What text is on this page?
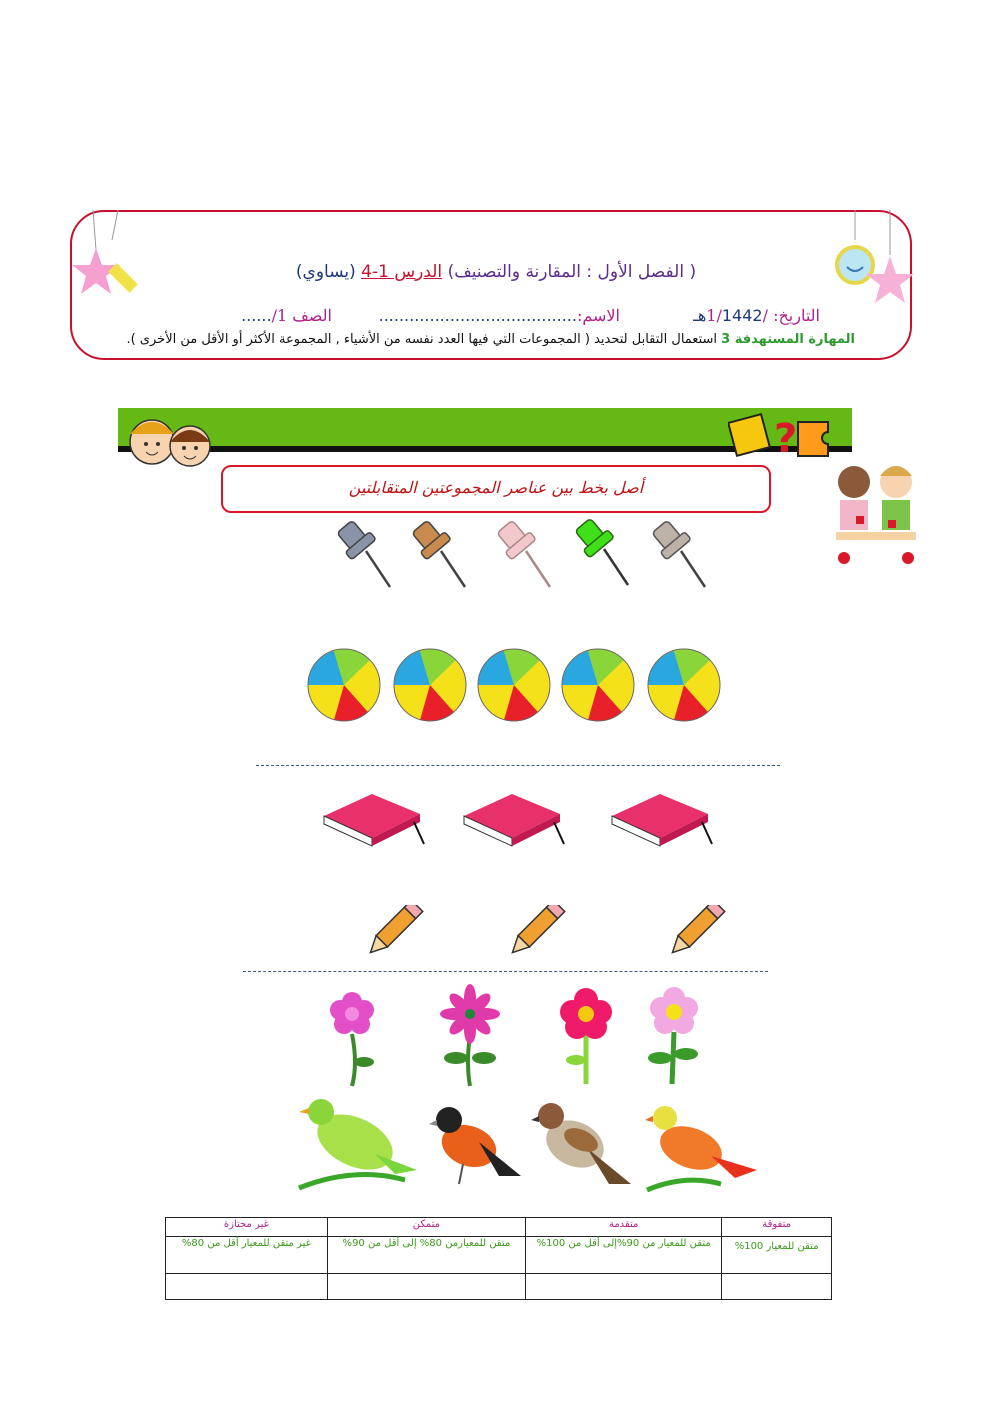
( الفصل الأول : المقارنة والتصنيف) الدرس 1-4 (يساوي)
التاريخ: /1/1442هـ
الاسم:.......................................
الصف 1/......
المهارة المستهدفة 3 استعمال التقابل لتحديد ( المجموعات التي فيها العدد نفسه من الأشياء , المجموعة الأكثر أو الأقل من الأخرى ).
?
أصل بخط بين عناصر المجموعتين المتقابلتين
متفوقة	متقدمة	متمكن	غير مجتازة
متقن للمعيار 100%	متقن للمعيار من 90%إلى أقل من 100%	متقن للمعيارمن 80% إلى أقل من 90%	غير متقن للمعيار أقل من 80%
